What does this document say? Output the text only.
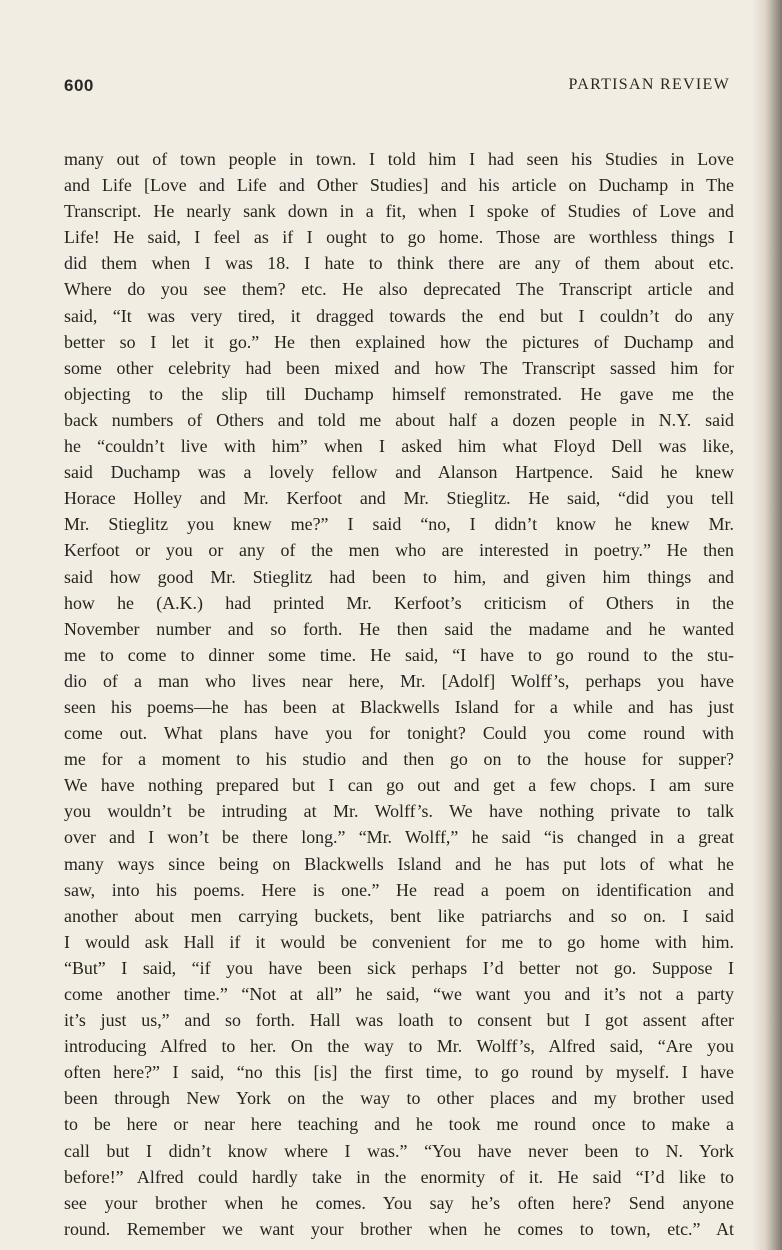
600	PARTISAN REVIEW
many out of town people in town. I told him I had seen his Studies in Love
and Life [Love and Life and Other Studies] and his article on Duchamp in The
Transcript. He nearly sank down in a fit, when I spoke of Studies of Love and
Life! He said, I feel as if I ought to go home. Those are worthless things I
did them when I was 18. I hate to think there are any of them about etc.
Where do you see them? etc. He also deprecated The Transcript article and
said, “It was very tired, it dragged towards the end but I couldn’t do any
better so I let it go.” He then explained how the pictures of Duchamp and
some other celebrity had been mixed and how The Transcript sassed him for
objecting to the slip till Duchamp himself remonstrated. He gave me the
back numbers of Others and told me about half a dozen people in N.Y. said
he “couldn’t live with him” when I asked him what Floyd Dell was like,
said Duchamp was a lovely fellow and Alanson Hartpence. Said he knew
Horace Holley and Mr. Kerfoot and Mr. Stieglitz. He said, “did you tell
Mr. Stieglitz you knew me?” I said “no, I didn’t know he knew Mr.
Kerfoot or you or any of the men who are interested in poetry.” He then
said how good Mr. Stieglitz had been to him, and given him things and
how he (A.K.) had printed Mr. Kerfoot’s criticism of Others in the
November number and so forth. He then said the madame and he wanted
me to come to dinner some time. He said, “I have to go round to the stu-
dio of a man who lives near here, Mr. [Adolf] Wolff’s, perhaps you have
seen his poems—he has been at Blackwells Island for a while and has just
come out. What plans have you for tonight? Could you come round with
me for a moment to his studio and then go on to the house for supper?
We have nothing prepared but I can go out and get a few chops. I am sure
you wouldn’t be intruding at Mr. Wolff’s. We have nothing private to talk
over and I won’t be there long.” “Mr. Wolff,” he said “is changed in a great
many ways since being on Blackwells Island and he has put lots of what he
saw, into his poems. Here is one.” He read a poem on identification and
another about men carrying buckets, bent like patriarchs and so on. I said
I would ask Hall if it would be convenient for me to go home with him.
“But” I said, “if you have been sick perhaps I’d better not go. Suppose I
come another time.” “Not at all” he said, “we want you and it’s not a party
it’s just us,” and so forth. Hall was loath to consent but I got assent after
introducing Alfred to her. On the way to Mr. Wolff’s, Alfred said, “Are you
often here?” I said, “no this [is] the first time, to go round by myself. I have
been through New York on the way to other places and my brother used
to be here or near here teaching and he took me round once to make a
call but I didn’t know where I was.” “You have never been to N. York
before!” Alfred could hardly take in the enormity of it. He said “I’d like to
see your brother when he comes. You say he’s often here? Send anyone
round. Remember we want your brother when he comes to town, etc.” At
